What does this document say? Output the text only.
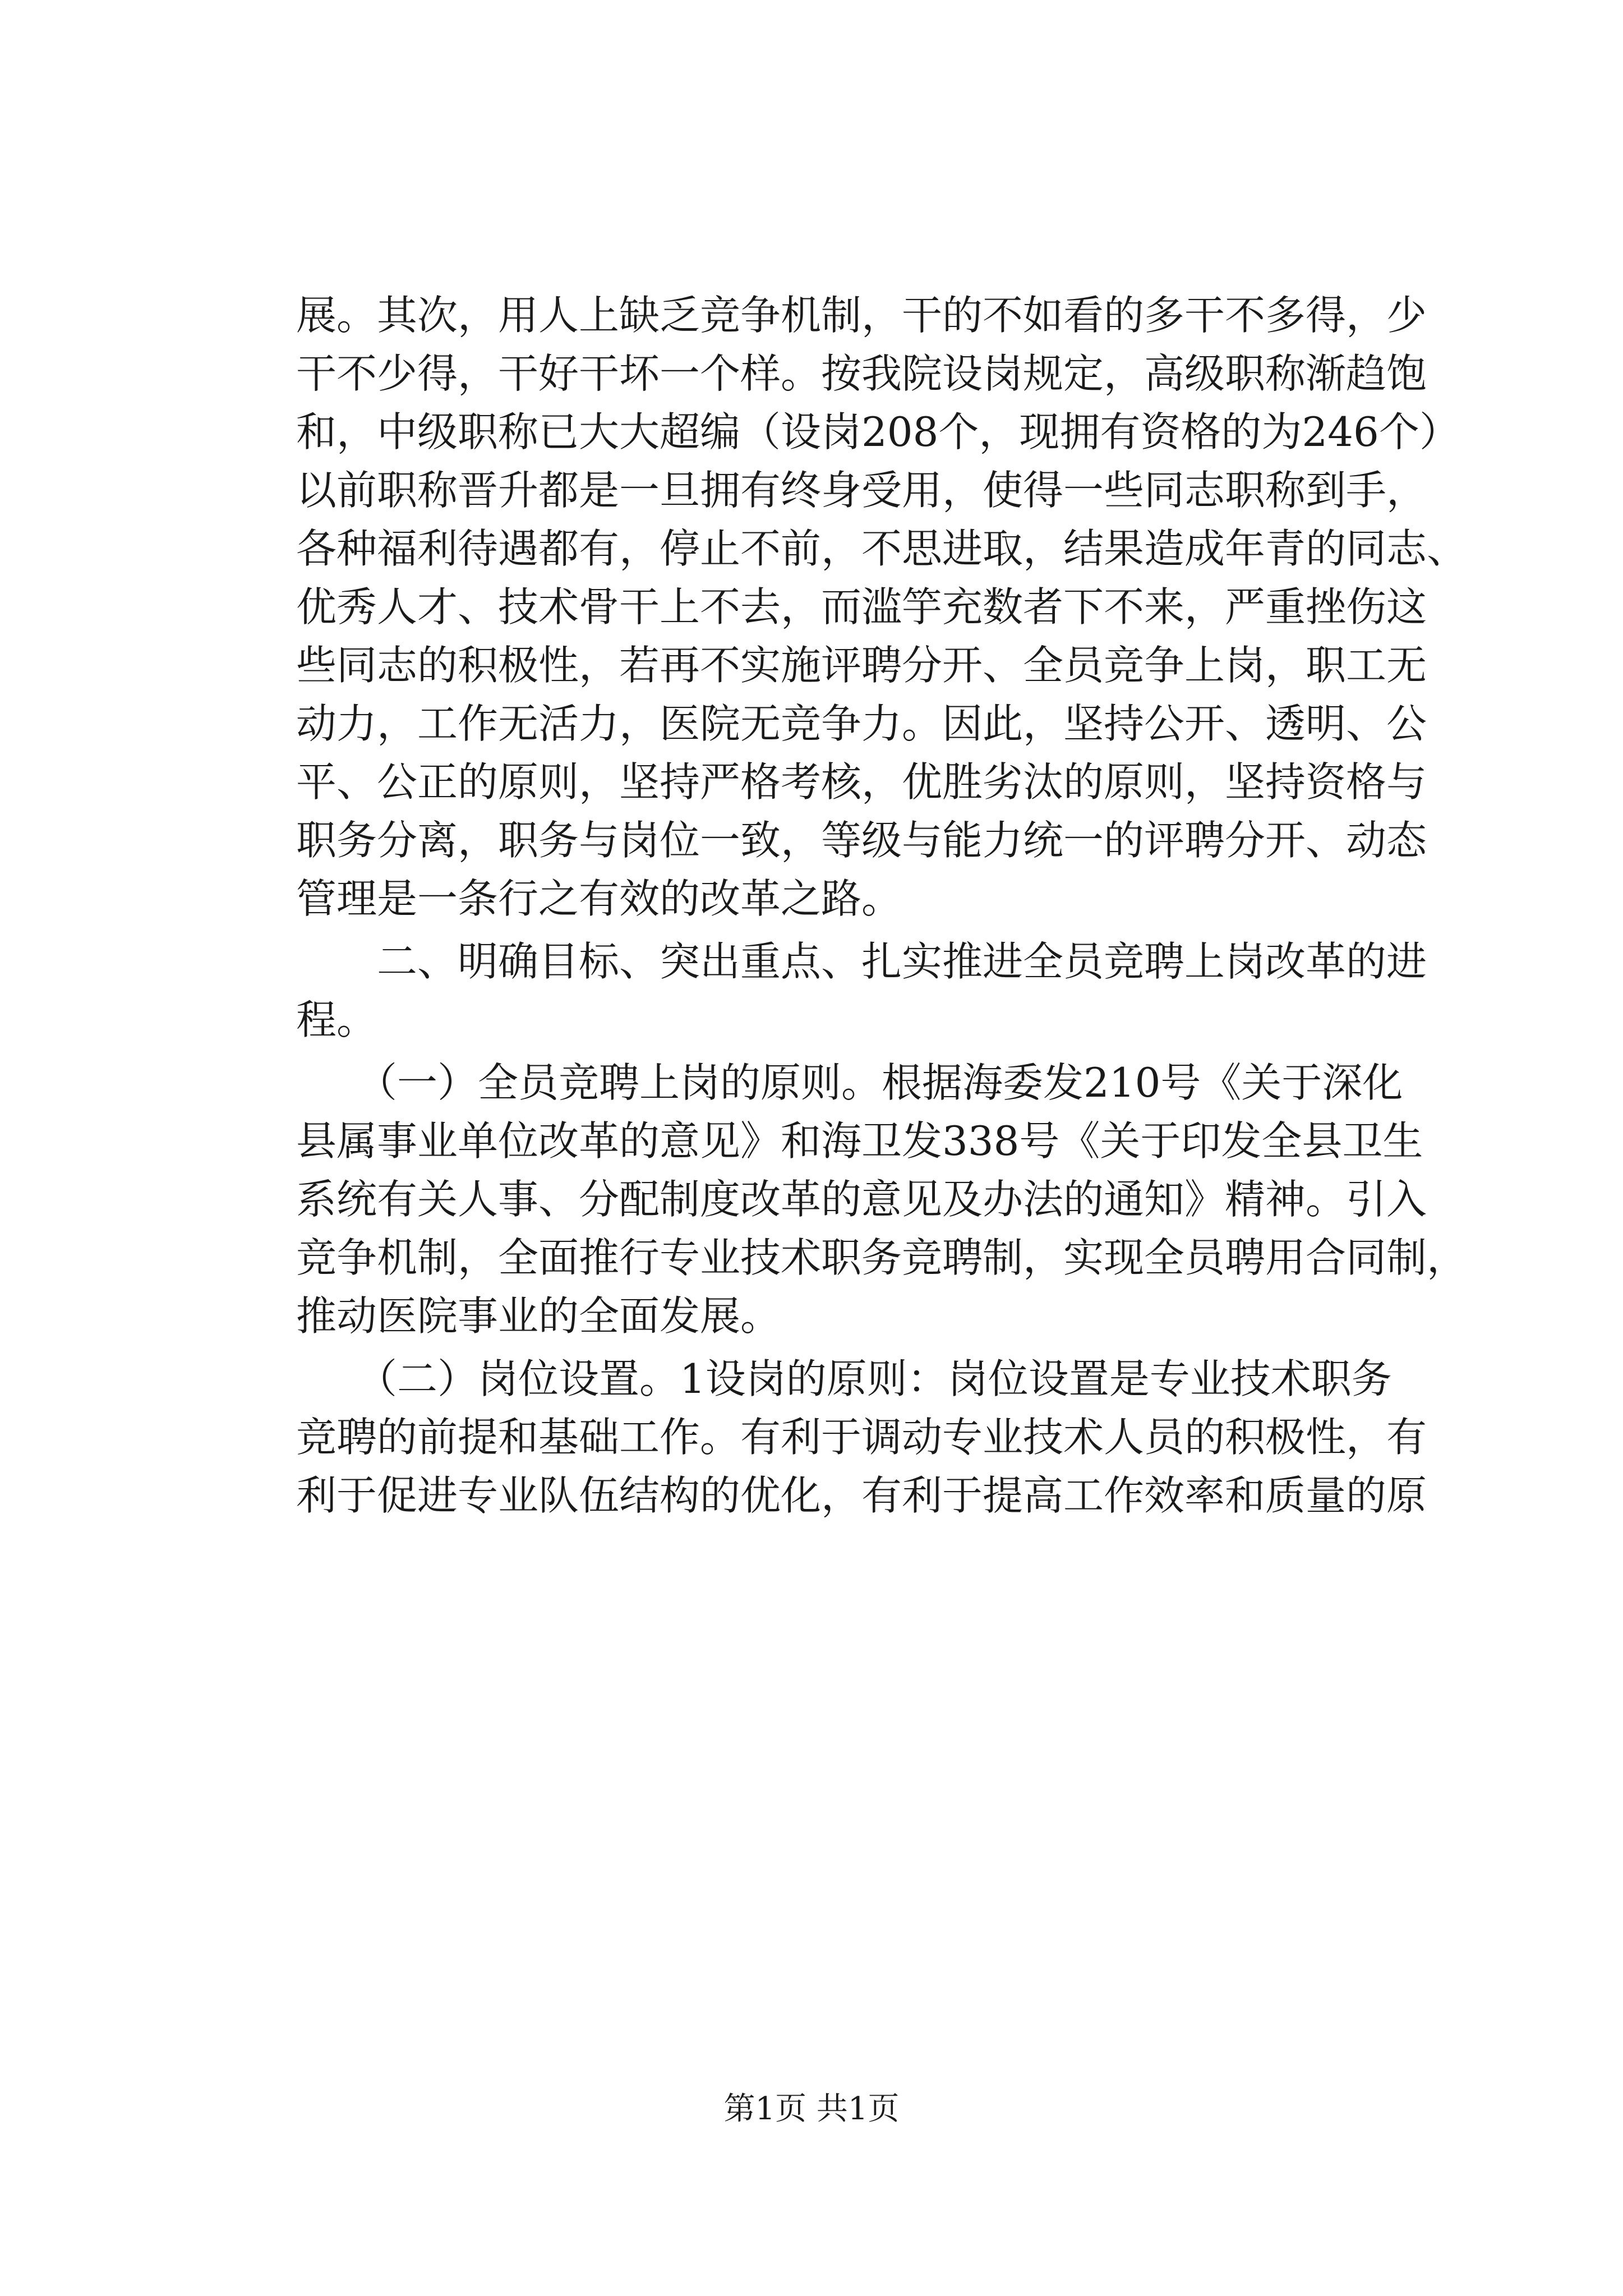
展。其次，用人上缺乏竞争机制，干的不如看的多干不多得，少
干不少得，干好干坏一个样。按我院设岗规定，高级职称渐趋饱
和，中级职称已大大超编（设岗208个，现拥有资格的为246个）
以前职称晋升都是一旦拥有终身受用，使得一些同志职称到手，
各种福利待遇都有，停止不前，不思进取，结果造成年青的同志、
优秀人才、技术骨干上不去，而滥竽充数者下不来，严重挫伤这
些同志的积极性，若再不实施评聘分开、全员竞争上岗，职工无
动力，工作无活力，医院无竞争力。因此，坚持公开、透明、公
平、公正的原则，坚持严格考核，优胜劣汰的原则，坚持资格与
职务分离，职务与岗位一致，等级与能力统一的评聘分开、动态
管理是一条行之有效的改革之路。
　　二、明确目标、突出重点、扎实推进全员竞聘上岗改革的进
程。
　　（一）全员竞聘上岗的原则。根据海委发210号《关于深化
县属事业单位改革的意见》和海卫发338号《关于印发全县卫生
系统有关人事、分配制度改革的意见及办法的通知》精神。引入
竞争机制，全面推行专业技术职务竞聘制，实现全员聘用合同制，
推动医院事业的全面发展。
　　（二）岗位设置。1设岗的原则：岗位设置是专业技术职务
竞聘的前提和基础工作。有利于调动专业技术人员的积极性，有
利于促进专业队伍结构的优化，有利于提高工作效率和质量的原
第1页 共1页
